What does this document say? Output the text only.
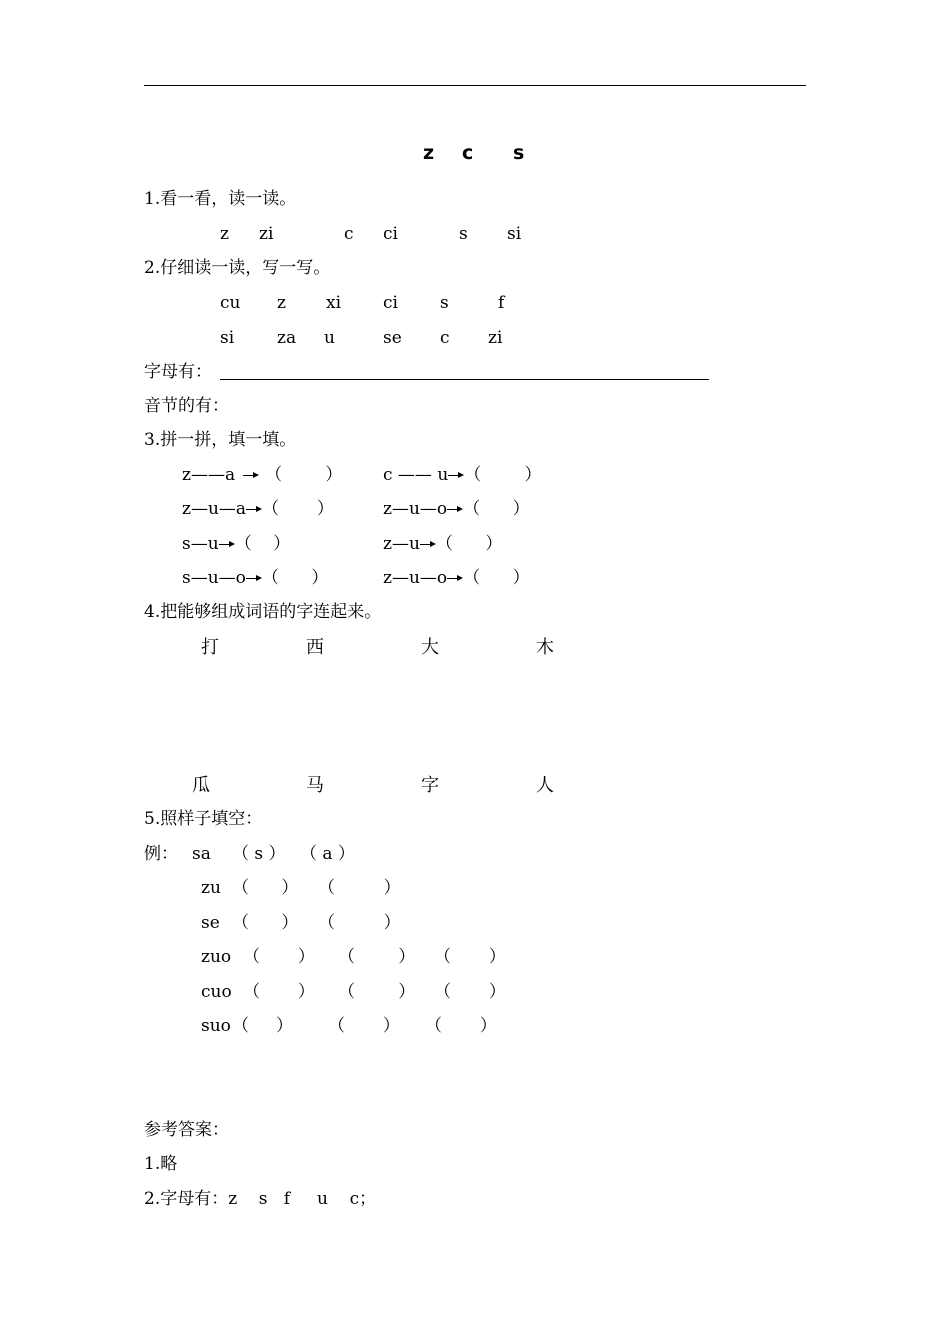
z c s
1.看一看，读一读。
z zi	c ci	s si
2.仔细读一读，写一写。
cu z xi ci s	f
si	za u	se c zi
字母有：
音节的有：
3.拼一拼，填一填。
z——a （        ） c —— u （        ）
z—u—a （       ）	z—u—o （      ）
s—u （    ）	z—u （      ）
s—u—o （      ）	z—u—o （      ）
4.把能够组成词语的字连起来。
打	西	大	木
瓜	马	字	人
5.照样子填空：
例： sa （ s ） （ a ）
zu （      ） （         ）
se （      ） （         ）
zuo （       ） （        ） （       ）
cuo （       ） （        ） （       ）
suo （     ） （       ） （       ）
参考答案：
1.略
2.字母有：z    s   f     u    c；
